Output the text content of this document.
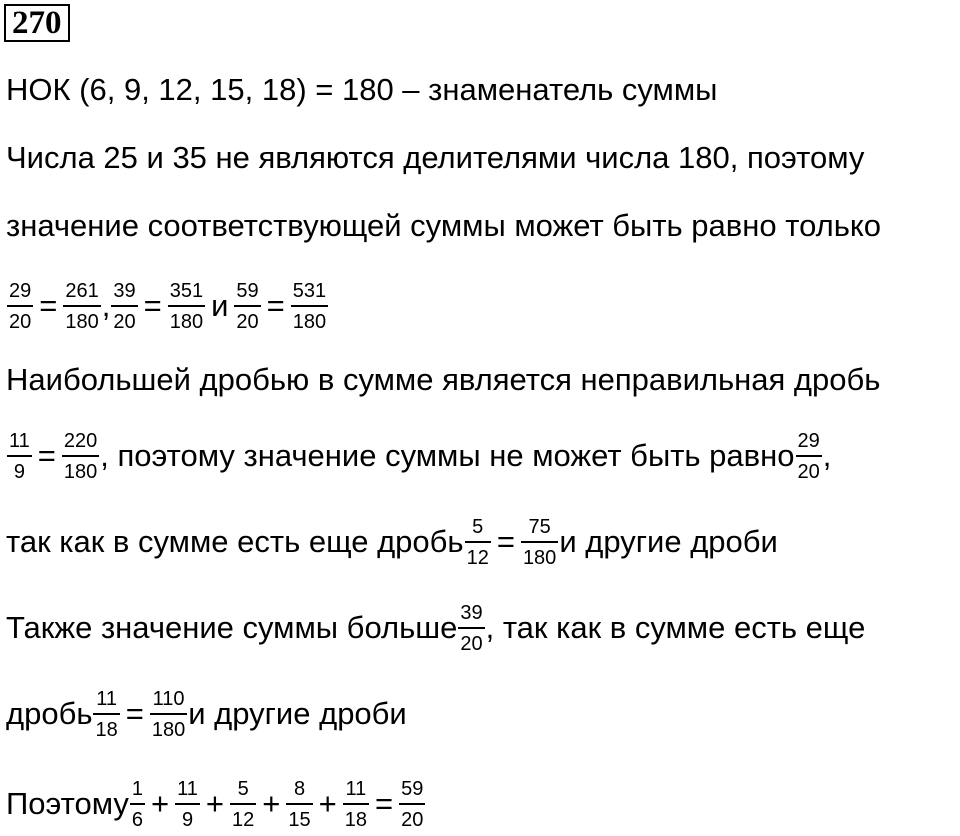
270
НОК (6, 9, 12, 15, 18) = 180 – знаменатель суммы
Числа 25 и 35 не являются делителями числа 180, поэтому
значение соответствующей суммы может быть равно только
$\frac{29}{20} = \frac{261}{180}$ , $\frac{39}{20} = \frac{351}{180}$ и $\frac{59}{20} = \frac{531}{180}$
Наибольшей дробью в сумме является неправильная дробь
$\frac{11}{9} = \frac{220}{180}$ , поэтому значение суммы не может быть равно $\frac{29}{20}$ ,
так как в сумме есть еще дробь $\frac{5}{12} = \frac{75}{180}$ и другие дроби
Также значение суммы больше $\frac{39}{20}$ , так как в сумме есть еще
дробь $\frac{11}{18} = \frac{110}{180}$ и другие дроби
Поэтому $\frac{1}{6} + \frac{11}{9} + \frac{5}{12} + \frac{8}{15} + \frac{11}{18} = \frac{59}{20}$
